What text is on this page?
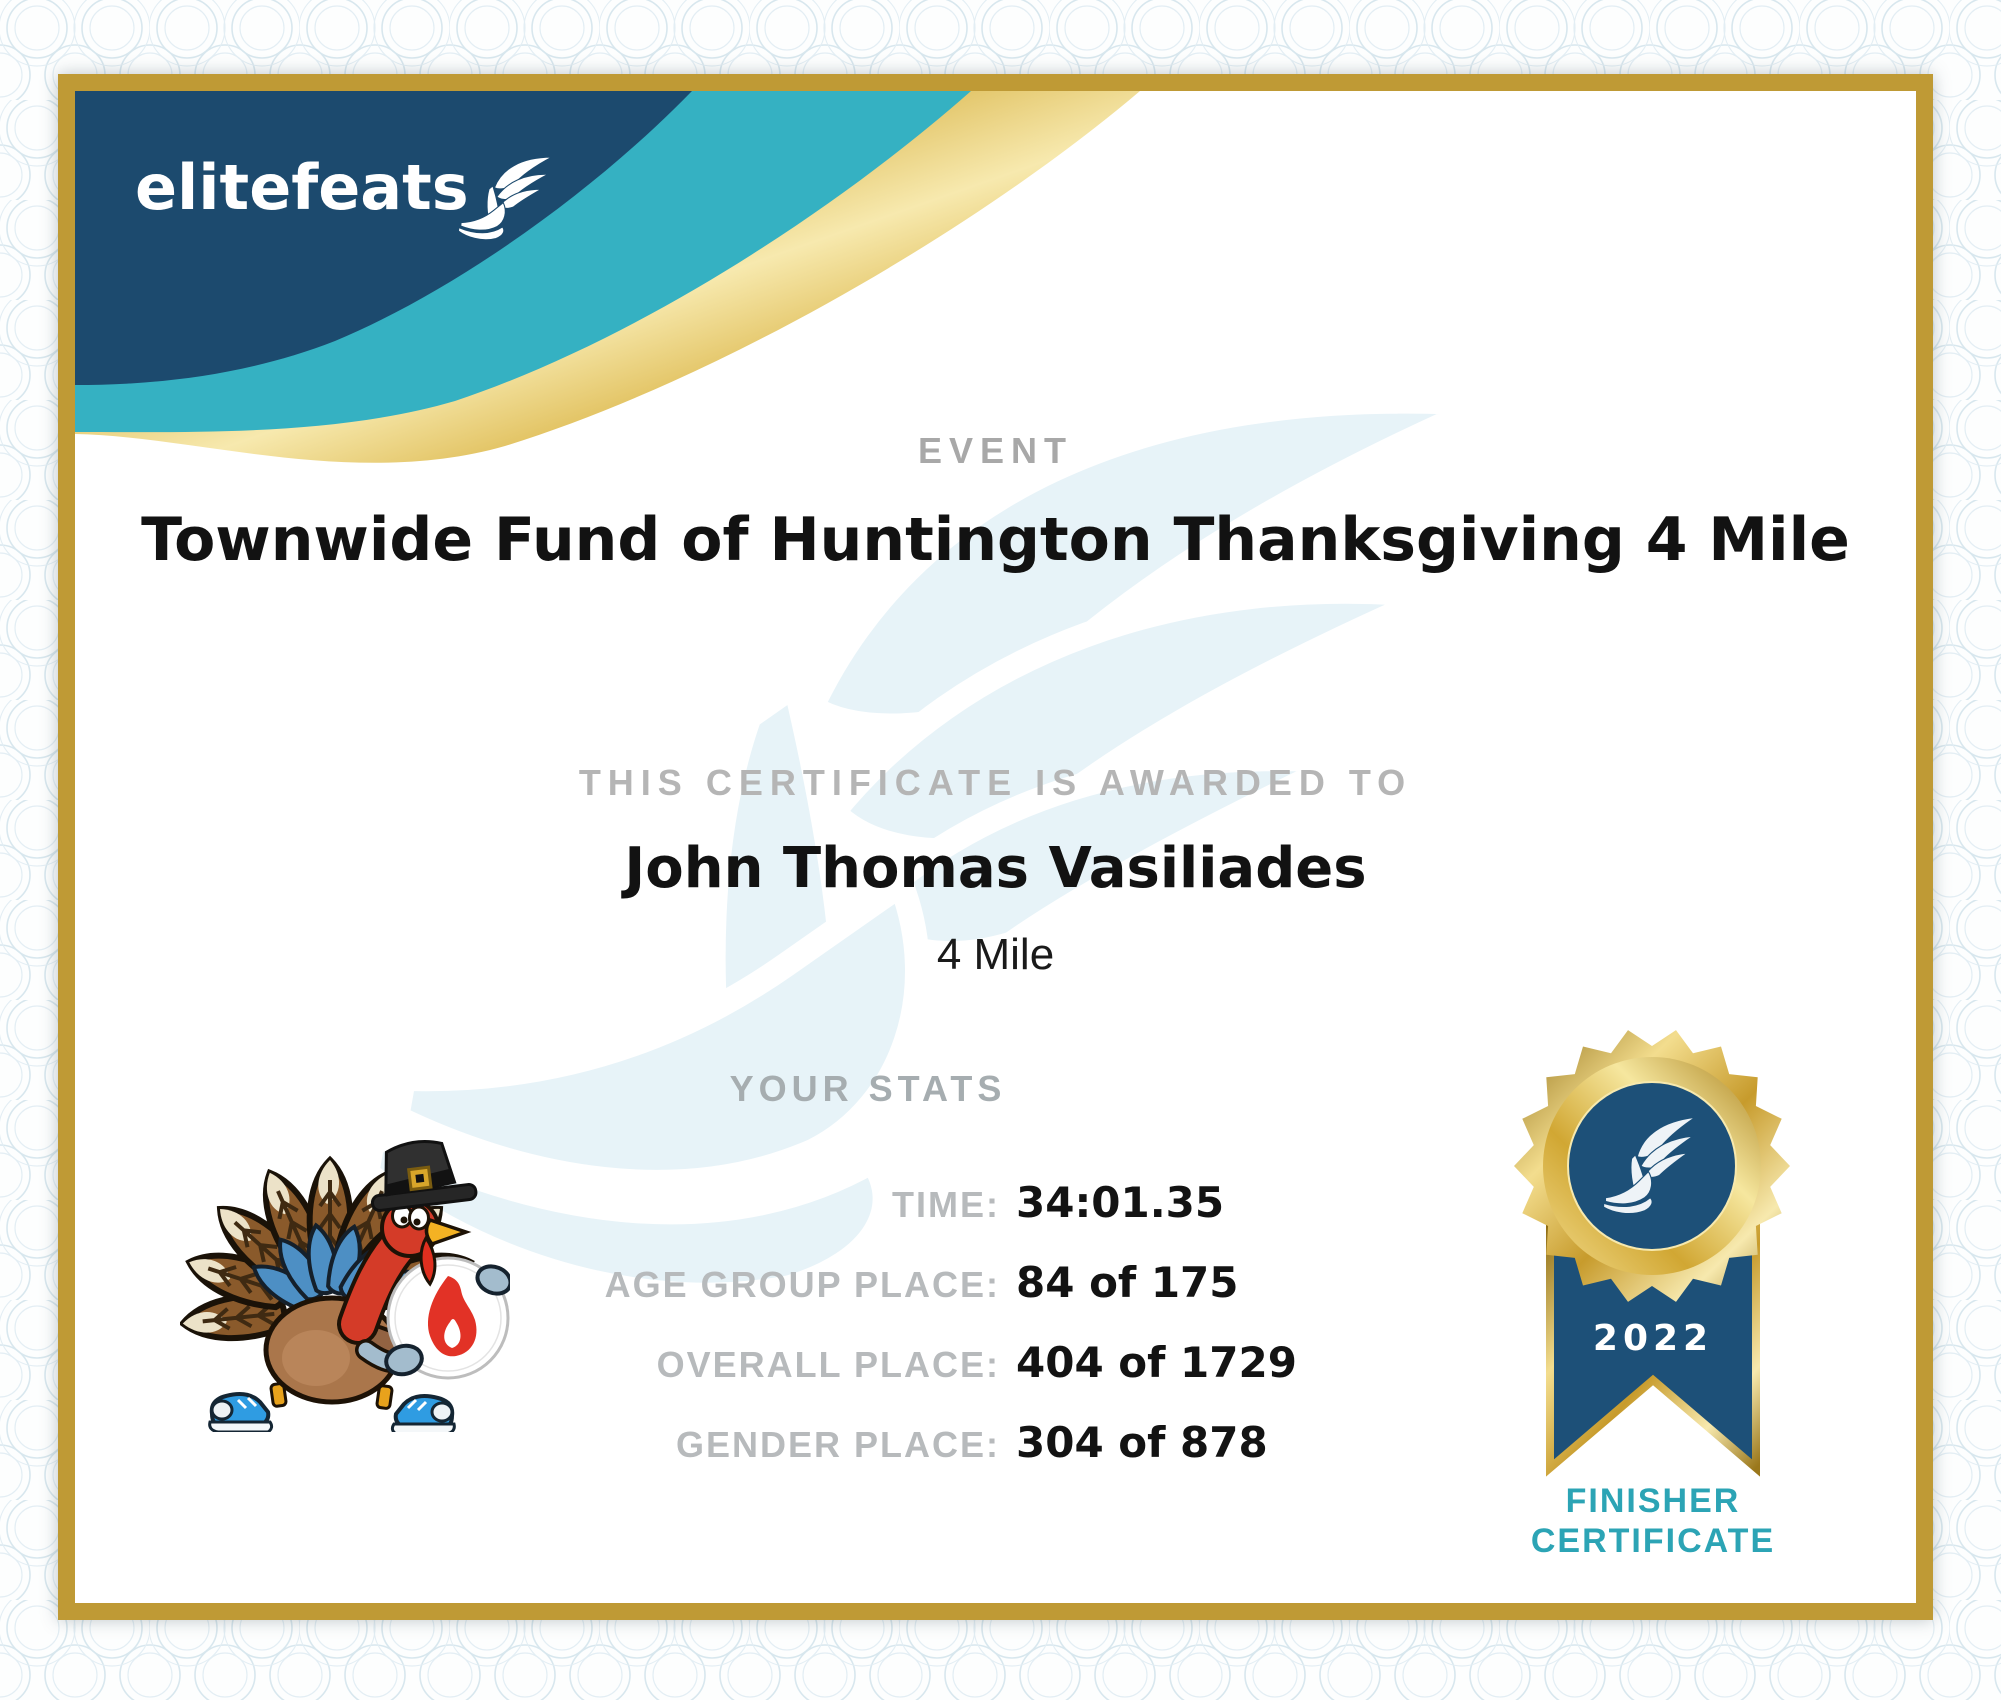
elitefeats
EVENT
Townwide Fund of Huntington Thanksgiving 4 Mile
THIS CERTIFICATE IS AWARDED TO
John Thomas Vasiliades
4 Mile
YOUR STATS
TIME: 34:01.35
AGE GROUP PLACE: 84 of 175
OVERALL PLACE: 404 of 1729
GENDER PLACE: 304 of 878
2022
FINISHER
CERTIFICATE
